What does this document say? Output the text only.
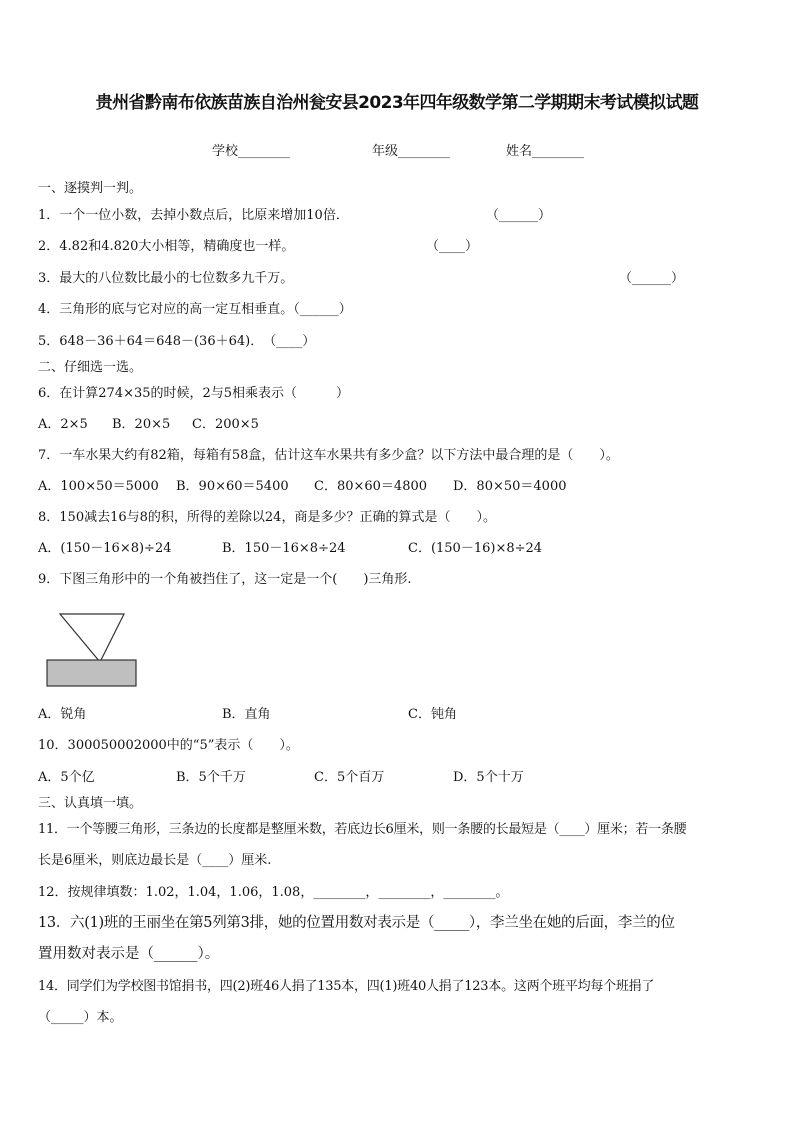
贵州省黔南布依族苗族自治州瓮安县2023年四年级数学第二学期期末考试模拟试题
学校________	年级________	姓名________
一、逐摸判一判。
1．一个一位小数，去掉小数点后，比原来增加10倍．	（______）
2．4.82和4.820大小相等，精确度也一样。	（____）
3．最大的八位数比最小的七位数多九千万。	（______）
4．三角形的底与它对应的高一定互相垂直。（______）
5．648－36＋64＝648－(36＋64)．　（____）
二、仔细选一选。
6．在计算274×35的时候，2与5相乘表示（　　　）
A．2×5 B．20×5 C．200×5
7．一车水果大约有82箱，每箱有58盒，估计这车水果共有多少盒？以下方法中最合理的是（　　）。
A．100×50＝5000 B．90×60＝5400 C．80×60＝4800 D．80×50＝4000
8．150减去16与8的积，所得的差除以24，商是多少？正确的算式是（　　）。
A．(150－16×8)÷24	B．150－16×8÷24	C．(150－16)×8÷24
9．下图三角形中的一个角被挡住了，这一定是一个(　　)三角形.
A．锐角	B．直角	C．钝角
10．300050002000中的“5”表示（　　）。
A．5个亿	B．5个千万	C．5个百万	D．5个十万
三、认真填一填。
11．一个等腰三角形，三条边的长度都是整厘米数，若底边长6厘米，则一条腰的长最短是（____）厘米；若一条腰
长是6厘米，则底边最长是（____）厘米.
12．按规律填数：1.02，1.04，1.06，1.08，________，________，________。
13．六(1)班的王丽坐在第5列第3排，她的位置用数对表示是（_____），李兰坐在她的后面，李兰的位
置用数对表示是（______）。
14．同学们为学校图书馆捐书，四(2)班46人捐了135本，四(1)班40人捐了123本。这两个班平均每个班捐了
（_____）本。
